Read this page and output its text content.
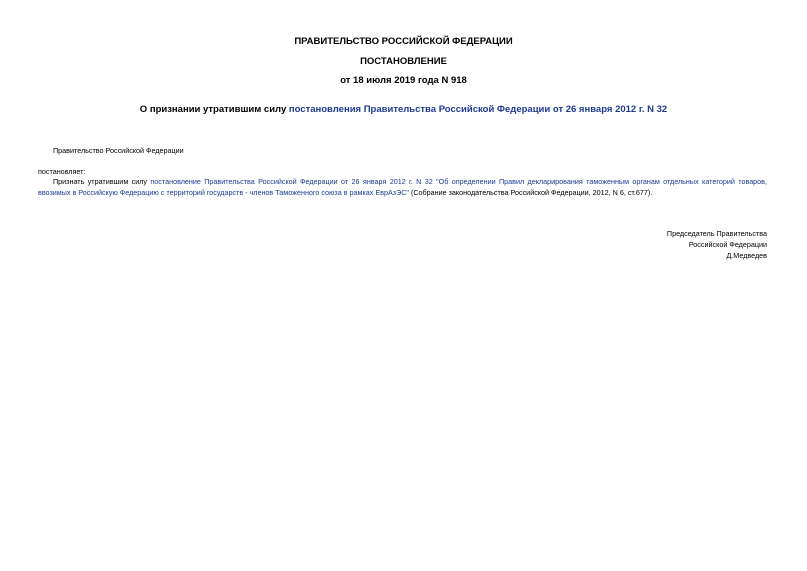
ПРАВИТЕЛЬСТВО РОССИЙСКОЙ ФЕДЕРАЦИИ
ПОСТАНОВЛЕНИЕ
от 18 июля 2019 года N 918
О признании утратившим силу постановления Правительства Российской Федерации от 26 января 2012 г. N 32
Правительство Российской Федерации
постановляет:
Признать утратившим силу постановление Правительства Российской Федерации от 26 января 2012 г. N 32 "Об определении Правил декларирования таможенным органам отдельных категорий товаров, ввозимых в Российскую Федерацию с территорий государств - членов Таможенного союза в рамках ЕврАзЭС" (Собрание законодательства Российской Федерации, 2012, N 6, ст.677).
Председатель Правительства
Российской Федерации
Д.Медведев
